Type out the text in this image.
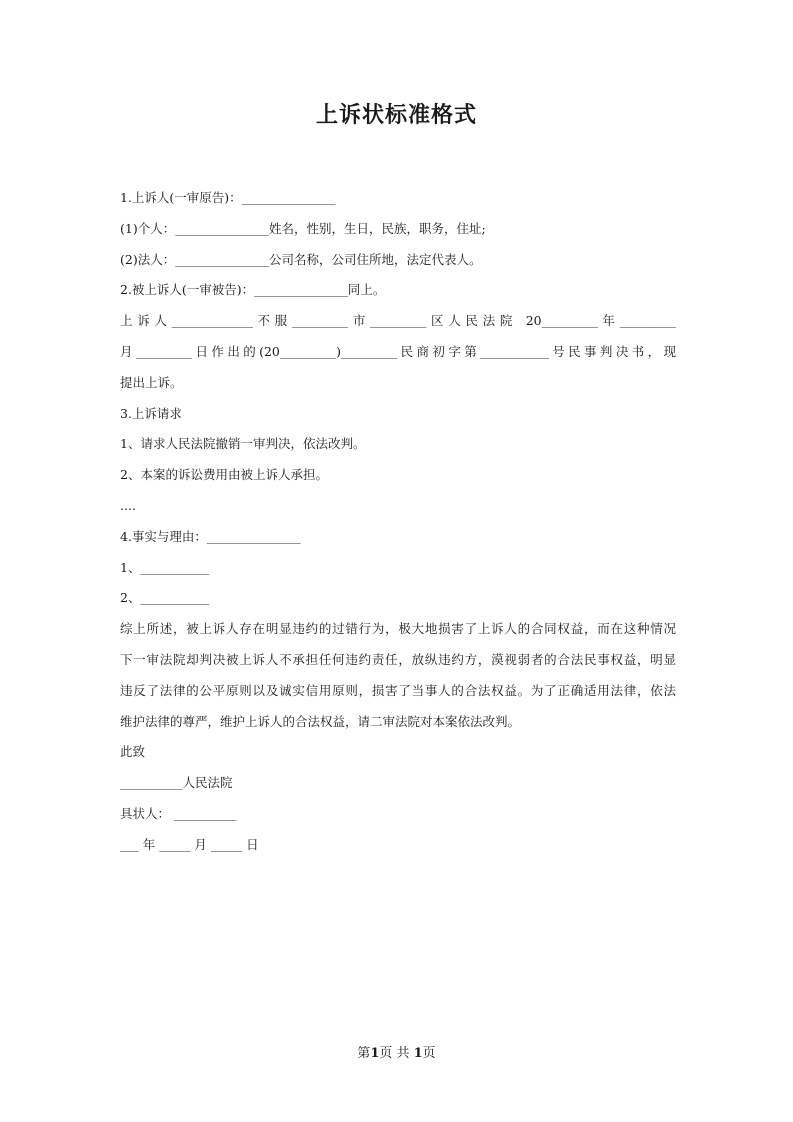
上诉状标准格式
1.上诉人(一审原告)：_______________
(1)个人：_______________姓名，性别，生日，民族，职务，住址;
(2)法人：_______________公司名称，公司住所地，法定代表人。
2.被上诉人(一审被告)：_______________同上。
上诉人_____________不服_________市_________区人民法院 20_________年_________
月_________日作出的(20_________)_________民商初字第___________号民事判决书，现
提出上诉。
3.上诉请求
1、请求人民法院撤销一审判决，依法改判。
2、本案的诉讼费用由被上诉人承担。
....
4.事实与理由：_______________
1、___________
2、___________
综上所述，被上诉人存在明显违约的过错行为，极大地损害了上诉人的合同权益，而在这种情况
下一审法院却判决被上诉人不承担任何违约责任，放纵违约方，漠视弱者的合法民事权益，明显
违反了法律的公平原则以及诚实信用原则，损害了当事人的合法权益。为了正确适用法律，依法
维护法律的尊严，维护上诉人的合法权益，请二审法院对本案依法改判。
此致
__________人民法院
具状人： __________
___ 年 _____ 月 _____ 日
第1页 共 1页
